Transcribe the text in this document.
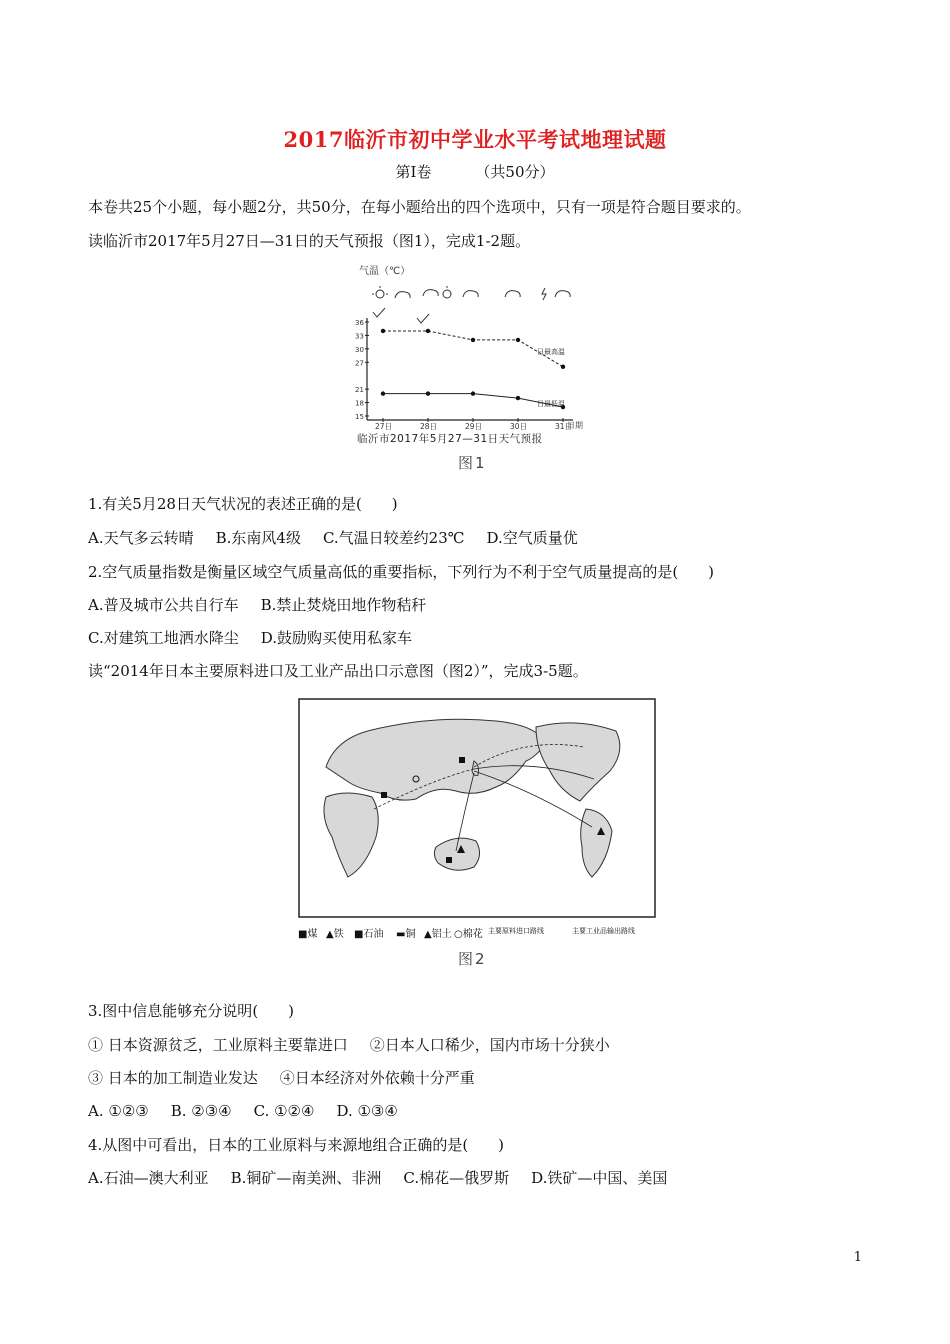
2017临沂市初中学业水平考试地理试题
第Ⅰ卷	（共50分）
本卷共25个小题，每小题2分，共50分，在每小题给出的四个选项中，只有一项是符合题目要求的。
读临沂市2017年5月27日—31日的天气预报（图1），完成1-2题。
气温（℃）
15
18
21
27
30
33
36
27日	28日	29日	30日	31日
日最高温
日最低温
日期
临沂市2017年5月27—31日天气预报
图1
1.有关5月28日天气状况的表述正确的是(　　)
A.天气多云转晴 B.东南风4级 C.气温日较差约23℃ D.空气质量优
2.空气质量指数是衡量区域空气质量高低的重要指标，下列行为不利于空气质量提高的是(　　)
A.普及城市公共自行车 B.禁止焚烧田地作物秸秆
C.对建筑工地洒水降尘 D.鼓励购买使用私家车
读“2014年日本主要原料进口及工业产品出口示意图（图2）”，完成3-5题。
■煤 ▲铁 ■石油 ▬铜 ▲铝土 ○棉花 主要原料进口路线	主要工业品输出路线
图2
3.图中信息能够充分说明(　　)
① 日本资源贫乏，工业原料主要靠进口 ②日本人口稀少，国内市场十分狭小
③ 日本的加工制造业发达 ④日本经济对外依赖十分严重
A. ①②③ B. ②③④ C. ①②④ D. ①③④
4.从图中可看出，日本的工业原料与来源地组合正确的是(　　)
A.石油—澳大利亚 B.铜矿—南美洲、非洲 C.棉花—俄罗斯 D.铁矿—中国、美国
1
